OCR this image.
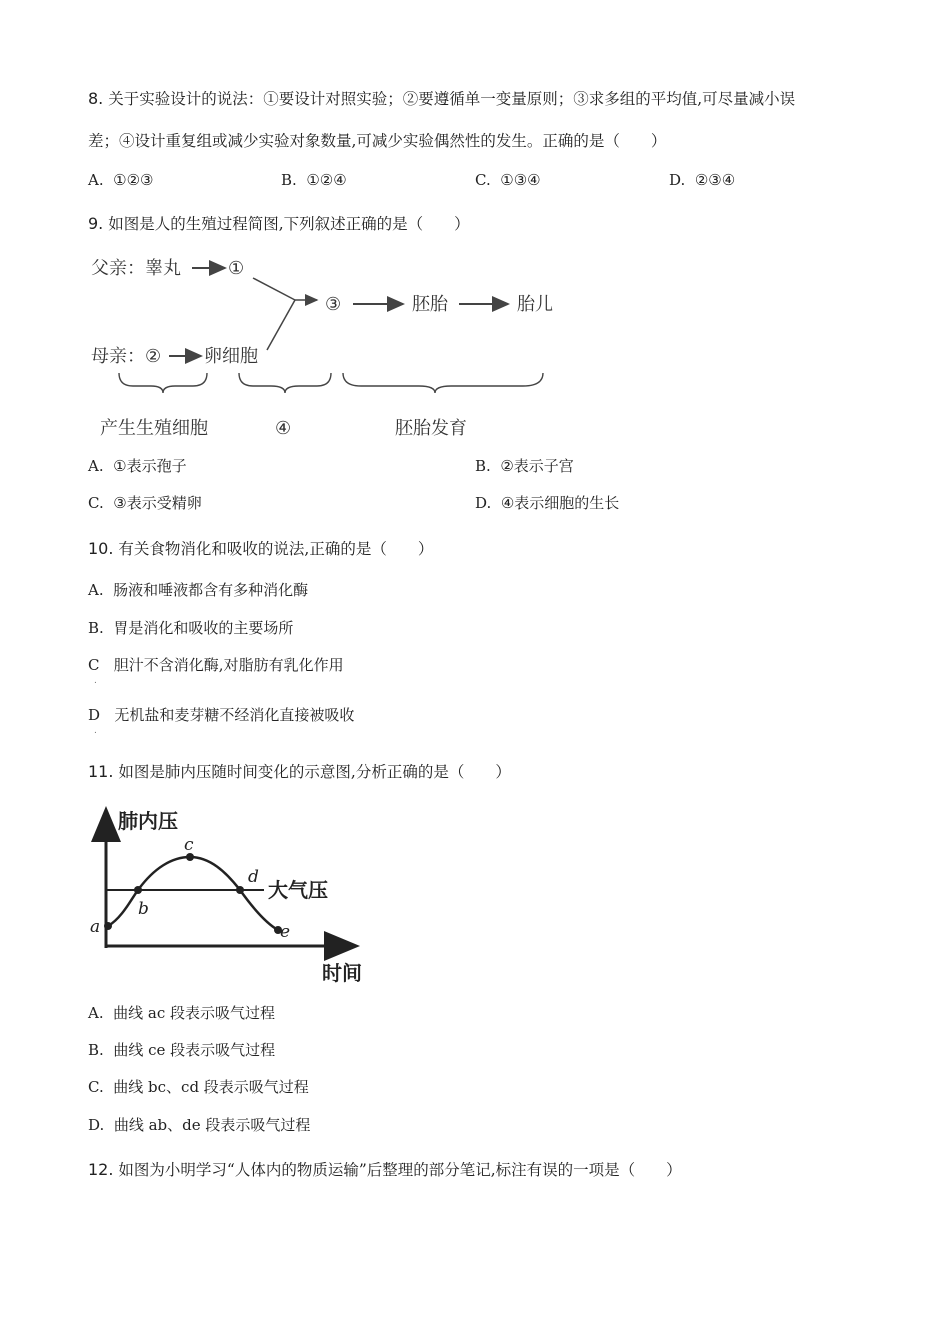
8. 关于实验设计的说法：①要设计对照实验；②要遵循单一变量原则；③求多组的平均值,可尽量减小误
差；④设计重复组或减少实验对象数量,可减少实验偶然性的发生。正确的是（　　）
A. ①②③	B. ①②④	C. ①③④	D. ②③④
9. 如图是人的生殖过程简图,下列叙述正确的是（　　）
父亲：睾丸	①
母亲： ② 卵细胞
③	胚胎	胎儿
产生生殖细胞	④	胚胎发育
A. ①表示孢子	B. ②表示子宫
C. ③表示受精卵	D. ④表示细胞的生长
10. 有关食物消化和吸收的说法,正确的是（　　）
A. 肠液和唾液都含有多种消化酶
B. 胃是消化和吸收的主要场所
C 胆汁不含消化酶,对脂肪有乳化作用
.
D 无机盐和麦芽糖不经消化直接被吸收
.
11. 如图是肺内压随时间变化的示意图,分析正确的是（　　）
肺内压
时间
大气压
a
b
c
d
e
A. 曲线 ac 段表示吸气过程
B. 曲线 ce 段表示吸气过程
C. 曲线 bc、cd 段表示吸气过程
D. 曲线 ab、de 段表示吸气过程
12. 如图为小明学习“人体内的物质运输”后整理的部分笔记,标注有误的一项是（　　）
